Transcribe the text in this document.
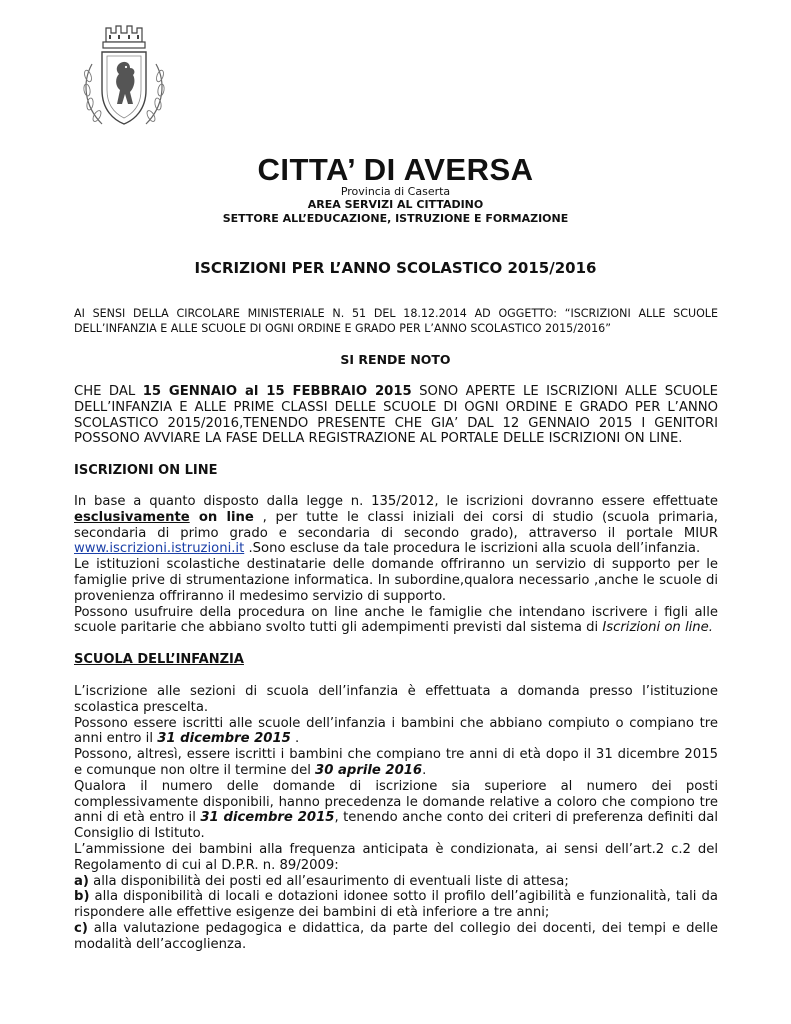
CITTA’ DI AVERSA
Provincia di Caserta
AREA SERVIZI AL CITTADINO
SETTORE ALL’EDUCAZIONE, ISTRUZIONE E FORMAZIONE
ISCRIZIONI PER L’ANNO SCOLASTICO 2015/2016
AI SENSI DELLA CIRCOLARE MINISTERIALE N. 51 DEL 18.12.2014 AD OGGETTO: “ISCRIZIONI ALLE SCUOLE DELL’INFANZIA E ALLE SCUOLE DI OGNI ORDINE E GRADO PER L’ANNO SCOLASTICO 2015/2016”
SI RENDE NOTO
CHE DAL 15 GENNAIO al 15 FEBBRAIO 2015 SONO APERTE LE ISCRIZIONI ALLE SCUOLE DELL’INFANZIA E ALLE PRIME CLASSI DELLE SCUOLE DI OGNI ORDINE E GRADO PER L’ANNO SCOLASTICO 2015/2016,TENENDO PRESENTE CHE GIA’ DAL 12 GENNAIO 2015 I GENITORI POSSONO AVVIARE LA FASE DELLA REGISTRAZIONE AL PORTALE DELLE ISCRIZIONI ON LINE.
ISCRIZIONI ON LINE
In base a quanto disposto dalla legge n. 135/2012, le iscrizioni dovranno essere effettuate esclusivamente on line , per tutte le classi iniziali dei corsi di studio (scuola primaria, secondaria di primo grado e secondaria di secondo grado), attraverso il portale MIUR www.iscrizioni.istruzioni.it .Sono escluse da tale procedura le iscrizioni alla scuola dell’infanzia.
Le istituzioni scolastiche destinatarie delle domande offriranno un servizio di supporto per le famiglie prive di strumentazione informatica. In subordine,qualora necessario ,anche le scuole di provenienza offriranno il medesimo servizio di supporto.
Possono usufruire della procedura on line anche le famiglie che intendano iscrivere i figli alle scuole paritarie che abbiano svolto tutti gli adempimenti previsti dal sistema di Iscrizioni on line.
SCUOLA DELL’INFANZIA
L’iscrizione alle sezioni di scuola dell’infanzia è effettuata a domanda presso l’istituzione scolastica prescelta.
Possono essere iscritti alle scuole dell’infanzia i bambini che abbiano compiuto o compiano tre anni entro il 31 dicembre 2015 .
Possono, altresì, essere iscritti i bambini che compiano tre anni di età dopo il 31 dicembre 2015 e comunque non oltre il termine del 30 aprile 2016.
Qualora il numero delle domande di iscrizione sia superiore al numero dei posti complessivamente disponibili, hanno precedenza le domande relative a coloro che compiono tre anni di età entro il 31 dicembre 2015, tenendo anche conto dei criteri di preferenza definiti dal Consiglio di Istituto.
L’ammissione dei bambini alla frequenza anticipata è condizionata, ai sensi dell’art.2 c.2 del Regolamento di cui al D.P.R. n. 89/2009:
a) alla disponibilità dei posti ed all’esaurimento di eventuali liste di attesa;
b) alla disponibilità di locali e dotazioni idonee sotto il profilo dell’agibilità e funzionalità, tali da rispondere alle effettive esigenze dei bambini di età inferiore a tre anni;
c) alla valutazione pedagogica e didattica, da parte del collegio dei docenti, dei tempi e delle modalità dell’accoglienza.
